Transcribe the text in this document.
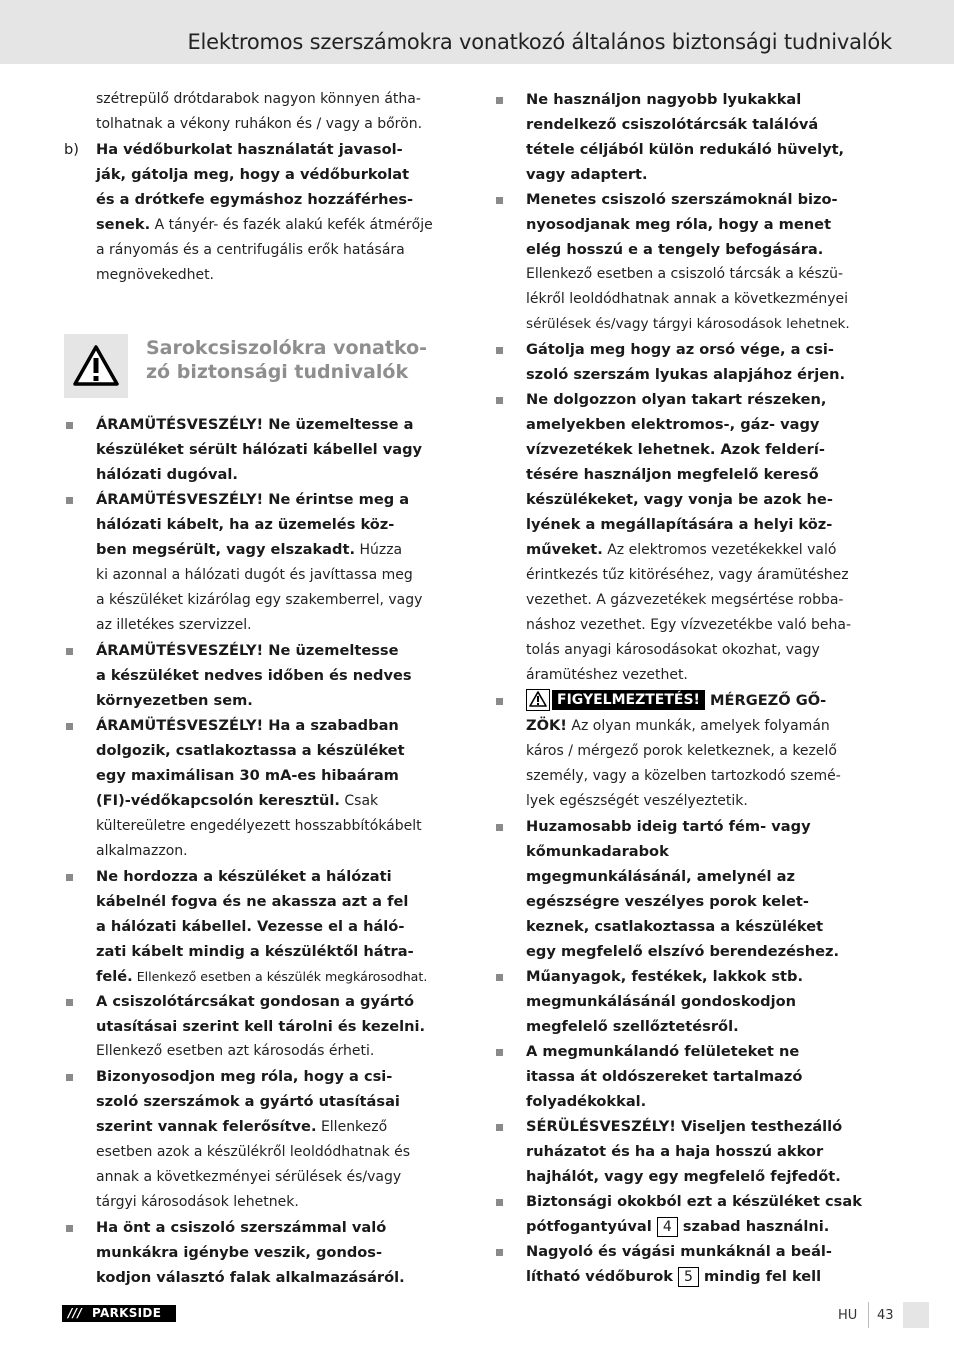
Elektromos szerszámokra vonatkozó általános biztonsági tudnivalók
szétrepülő drótdarabok nagyon könnyen átha-
tolhatnak a vékony ruhákon és / vagy a bőrön.
b) Ha védőburkolat használatát javasol-
ják, gátolja meg, hogy a védőburkolat
és a drótkefe egymáshoz hozzáférhes-
senek. A tányér- és fazék alakú kefék átmérője
a rányomás és a centrifugális erők hatására
megnövekedhet.
Sarokcsiszolókra vonatko-
zó biztonsági tudnivalók
ÁRAMÜTÉSVESZÉLY! Ne üzemeltesse a
készüléket sérült hálózati kábellel vagy
hálózati dugóval.
ÁRAMÜTÉSVESZÉLY! Ne érintse meg a
hálózati kábelt, ha az üzemelés köz-
ben megsérült, vagy elszakadt. Húzza
ki azonnal a hálózati dugót és javíttassa meg
a készüléket kizárólag egy szakemberrel, vagy
az illetékes szervizzel.
ÁRAMÜTÉSVESZÉLY! Ne üzemeltesse
a készüléket nedves időben és nedves
környezetben sem.
ÁRAMÜTÉSVESZÉLY! Ha a szabadban
dolgozik, csatlakoztassa a készüléket
egy maximálisan 30 mA-es hibaáram
(FI)-védőkapcsolón keresztül. Csak
kültereületre engedélyezett hosszabbítókábelt
alkalmazzon.
Ne hordozza a készüléket a hálózati
kábelnél fogva és ne akassza azt a fel
a hálózati kábellel. Vezesse el a háló-
zati kábelt mindig a készüléktől hátra-
felé. Ellenkező esetben a készülék megkárosodhat.
A csiszolótárcsákat gondosan a gyártó
utasításai szerint kell tárolni és kezelni.
Ellenkező esetben azt károsodás érheti.
Bizonyosodjon meg róla, hogy a csi-
szoló szerszámok a gyártó utasításai
szerint vannak felerősítve. Ellenkező
esetben azok a készülékről leoldódhatnak és
annak a következményei sérülések és/vagy
tárgyi károsodások lehetnek.
Ha önt a csiszoló szerszámmal való
munkákra igénybe veszik, gondos-
kodjon választó falak alkalmazásáról.
Ne használjon nagyobb lyukakkal
rendelkező csiszolótárcsák találóvá
tétele céljából külön redukáló hüvelyt,
vagy adaptert.
Menetes csiszoló szerszámoknál bizo-
nyosodjanak meg róla, hogy a menet
elég hosszú e a tengely befogására.
Ellenkező esetben a csiszoló tárcsák a készü-
lékről leoldódhatnak annak a következményei
sérülések és/vagy tárgyi károsodások lehetnek.
Gátolja meg hogy az orsó vége, a csi-
szoló szerszám lyukas alapjához érjen.
Ne dolgozzon olyan takart részeken,
amelyekben elektromos-, gáz- vagy
vízvezetékek lehetnek. Azok felderí-
tésére használjon megfelelő kereső
készülékeket, vagy vonja be azok he-
lyének a megállapítására a helyi köz-
műveket. Az elektromos vezetékekkel való
érintkezés tűz kitöréséhez, vagy áramütéshez
vezethet. A gázvezetékek megsértése robba-
náshoz vezethet. Egy vízvezetékbe való beha-
tolás anyagi károsodásokat okozhat, vagy
áramütéshez vezethet.
FIGYELMEZTETÉS! MÉRGEZŐ GŐ-
ZÖK! Az olyan munkák, amelyek folyamán
káros / mérgező porok keletkeznek, a kezelő
személy, vagy a közelben tartozkodó szemé-
lyek egészségét veszélyeztetik.
Huzamosabb ideig tartó fém- vagy
kőmunkadarabok
mgegmunkálásánál, amelynél az
egészségre veszélyes porok kelet-
keznek, csatlakoztassa a készüléket
egy megfelelő elszívó berendezéshez.
Műanyagok, festékek, lakkok stb.
megmunkálásánál gondoskodjon
megfelelő szellőztetésről.
A megmunkálandó felületeket ne
itassa át oldószereket tartalmazó
folyadékokkal.
SÉRÜLÉSVESZÉLY! Viseljen testhezálló
ruházatot és ha a haja hosszú akkor
hajhálót, vagy egy megfelelő fejfedőt.
Biztonsági okokból ezt a készüléket csak
pótfogantyúval 4 szabad használni.
Nagyoló és vágási munkáknál a beál-
lítható védőburok 5 mindig fel kell
/// PARKSIDE	HU 43
